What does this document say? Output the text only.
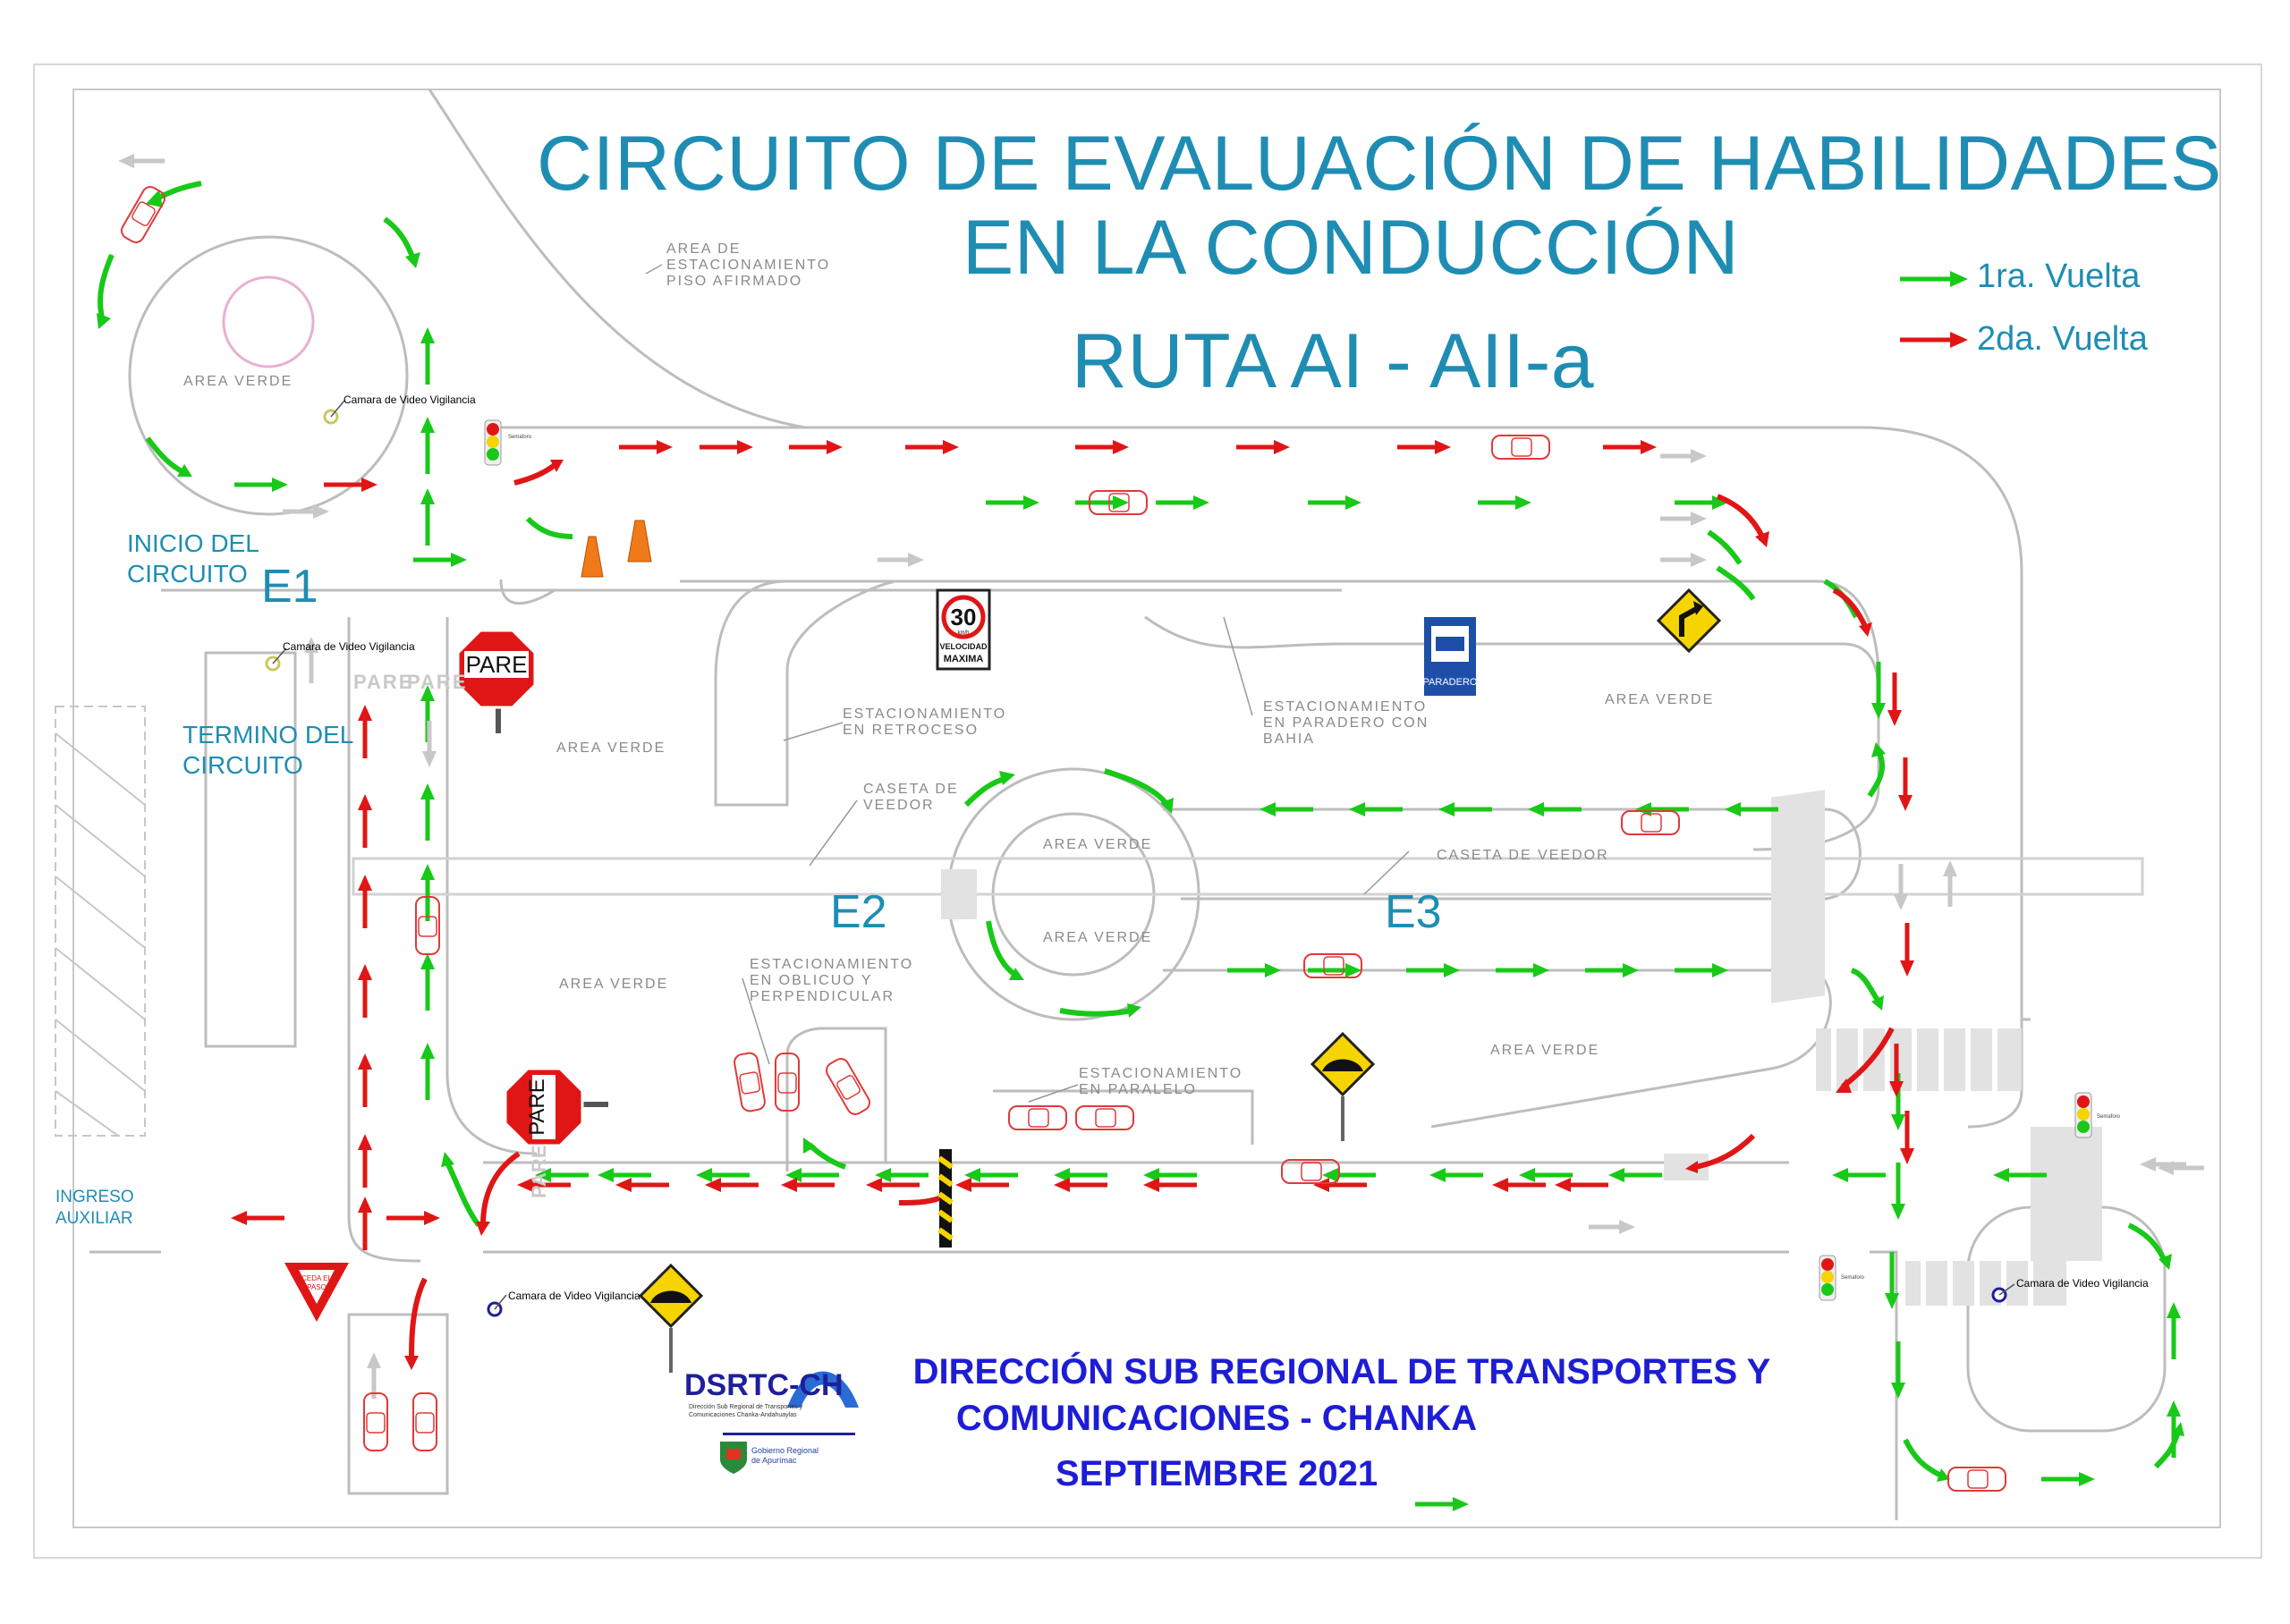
PARE
PARE
PARE
PARE
PARE
CEDA EL
PASO
30
km/h
VELOCIDAD
MAXIMA
PARADERO
Semaforo
Semaforo
Semaforo
DSRTC-CH
Dirección Sub Regional de Transportes y
Comunicaciones Chanka-Andahuaylas
Gobierno Regional
de Apurímac
CIRCUITO DE EVALUACIÓN DE HABILIDADES
EN LA CONDUCCIÓN
RUTA AI - AII-a
1ra. Vuelta
2da. Vuelta
INICIO DEL
CIRCUITO E1
TERMINO DEL
CIRCUITO
E2	E3
INGRESO
AUXILIAR
AREA VERDE
AREA VERDE
AREA VERDE
AREA VERDE
AREA VERDE
AREA VERDE
AREA VERDE
AREA DE
ESTACIONAMIENTO
PISO AFIRMADO
ESTACIONAMIENTO
EN RETROCESO
ESTACIONAMIENTO
EN PARADERO CON
BAHIA
CASETA DE
VEEDOR
CASETA DE VEEDOR
ESTACIONAMIENTO
EN OBLICUO Y
PERPENDICULAR
ESTACIONAMIENTO
EN PARALELO
Camara de Video Vigilancia
Camara de Video Vigilancia
Camara de Video Vigilancia
Camara de Video Vigilancia
DIRECCIÓN SUB REGIONAL DE TRANSPORTES Y
COMUNICACIONES - CHANKA
SEPTIEMBRE 2021
